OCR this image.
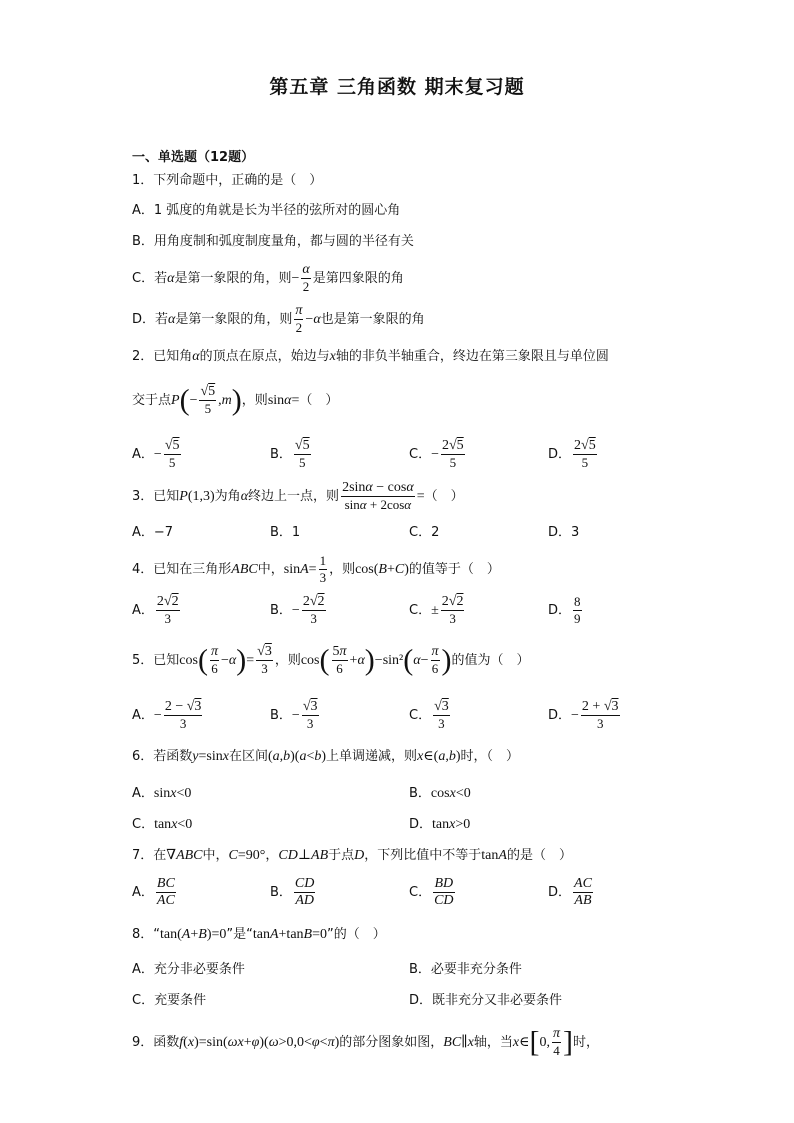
第五章 三角函数 期末复习题
一、单选题（12题）
1．下列命题中，正确的是（　）
A．1 弧度的角就是长为半径的弦所对的圆心角
B．用角度制和弧度制度量角，都与圆的半径有关
C．若α是第一象限的角，则− $\frac{\alpha}{2}$ 是第四象限的角
D．若α是第一象限的角，则 $\frac{\pi}{2} -\alpha$也是第一象限的角
2．已知角α的顶点在原点，始边与x轴的非负半轴重合，终边在第三象限且与单位圆
交于点$P(- \frac{√5}{5} ,m)$，则sinα=（　）
A．− $\frac{√5}{5}$	B． $\frac{√5}{5}$	C．− $\frac{2√5}{5}$	D． $\frac{2√5}{5}$
3．已知P(1,3)为角α终边上一点，则 $\frac{2\sin\alpha - \cos\alpha}{\sin\alpha + 2\cos\alpha}$ =（　）
A．−7	B．1	C．2	D．3
4．已知在三角形ABC中，$\sin A= \frac{1}{3}$ ，则cos(B+C)的值等于（　）
A． $\frac{2√2}{3}$	B．− $\frac{2√2}{3}$	C．± $\frac{2√2}{3}$	D． $\frac{8}{9}$
5．已知$\cos( \frac{\pi}{6} -\alpha)= \frac{√3}{3}$ ，则$\cos( \frac{5\pi}{6} +\alpha)-\sin^2(\alpha- \frac{\pi}{6}$ )的值为（　）
A．− $\frac{2 - √3}{3}$	B．− $\frac{√3}{3}$	C． $\frac{√3}{3}$	D．− $\frac{2 + √3}{3}$
6．若函数y=sinx在区间(a,b)(a<b)上单调递减，则x∈(a,b)时，（　）
A．sinx<0	B．cosx<0
C．tanx<0	D．tanx>0
7．在∇ABC中，C=90°，CD⊥AB于点D，下列比值中不等于tanA的是（　）
A． $\frac{BC}{AC}$	B． $\frac{CD}{AD}$	C． $\frac{BD}{CD}$	D． $\frac{AC}{AB}$
8．“tan(A+B)=0”是“tanA+tanB=0”的（　）
A．充分非必要条件	B．必要非充分条件
C．充要条件	D．既非充分又非必要条件
9．函数f(x)=sin(ωx+φ)(ω>0,0<φ<π)的部分图象如图，BC∥x轴，当x∈[0, $\frac{\pi}{4}$ ]时，
